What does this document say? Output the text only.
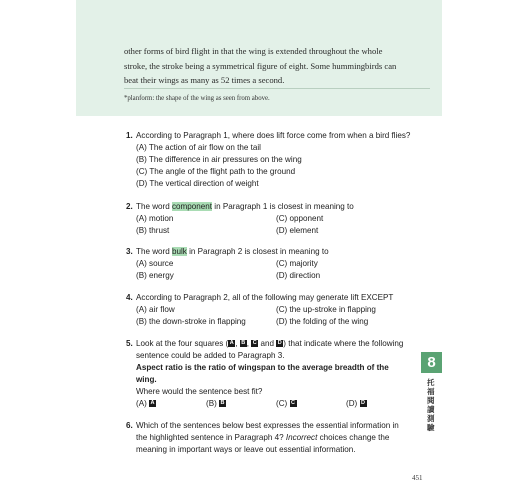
other forms of bird flight in that the wing is extended throughout the whole
stroke, the stroke being a symmetrical figure of eight. Some hummingbirds can
beat their wings as many as 52 times a second.

*planform: the shape of the wing as seen from above.
1. According to Paragraph 1, where does lift force come from when a bird flies?
(A) The action of air flow on the tail
(B) The difference in air pressures on the wing
(C) The angle of the flight path to the ground
(D) The vertical direction of weight
2. The word component in Paragraph 1 is closest in meaning to
(A) motion	(C) opponent
(B) thrust	(D) element
3. The word bulk in Paragraph 2 is closest in meaning to
(A) source	(C) majority
(B) energy	(D) direction
4. According to Paragraph 2, all of the following may generate lift EXCEPT
(A) air flow	(C) the up-stroke in flapping
(B) the down-stroke in flapping	(D) the folding of the wing
5. Look at the four squares ( A , B , C and D ) that indicate where the following
sentence could be added to Paragraph 3.
Aspect ratio is the ratio of wingspan to the average breadth of the
wing.
Where would the sentence best fit?
(A) A	(B) B	(C) C	(D) D
6. Which of the sentences below best expresses the essential information in
the highlighted sentence in Paragraph 4? Incorrect choices change the
meaning in important ways or leave out essential information.
8
托福閱讀測驗
451
